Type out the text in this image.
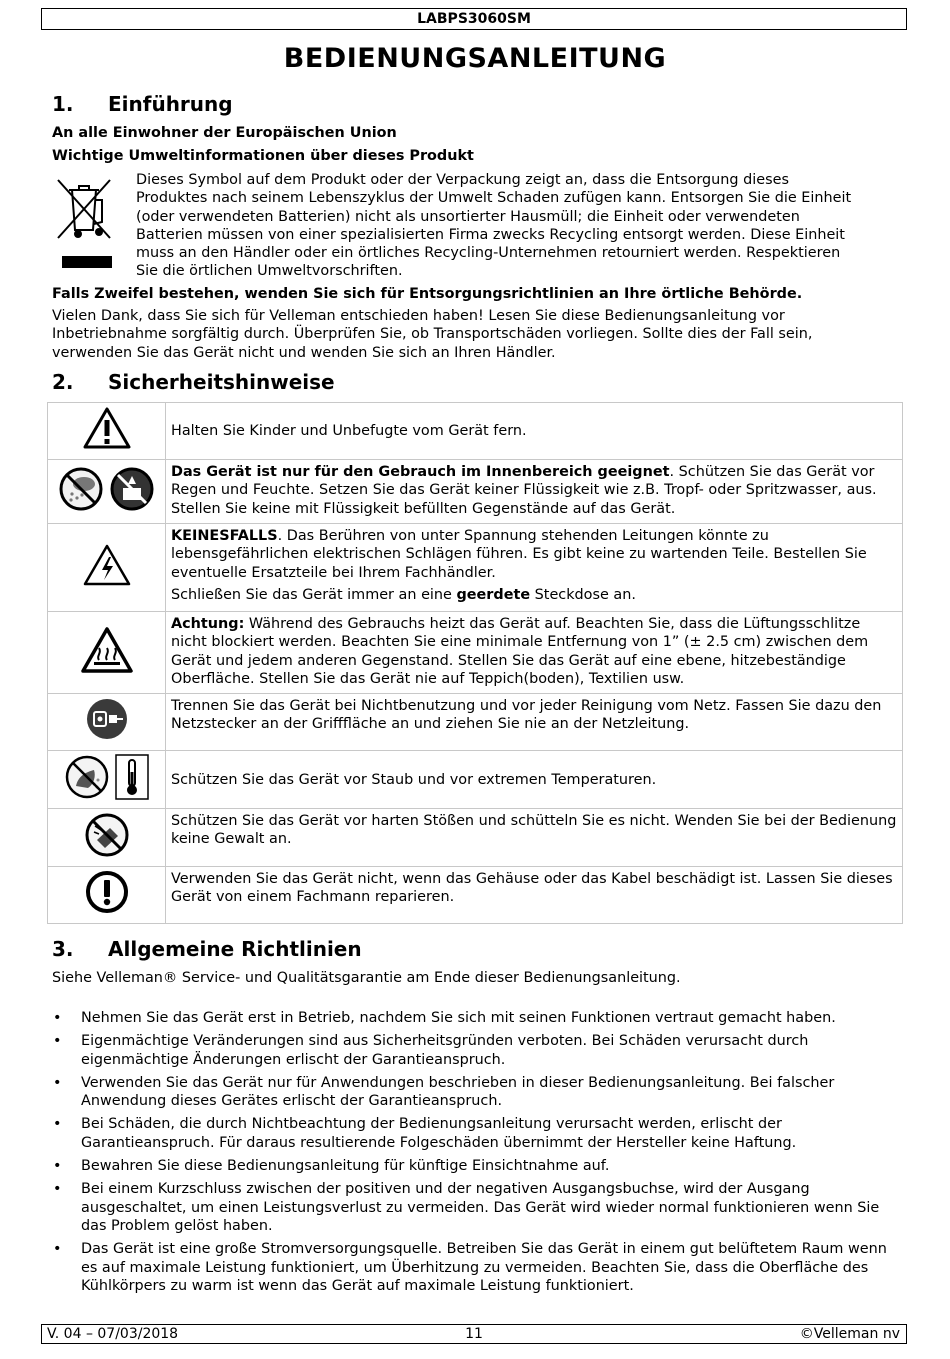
LABPS3060SM
BEDIENUNGSANLEITUNG
1. Einführung
An alle Einwohner der Europäischen Union
Wichtige Umweltinformationen über dieses Produkt
Dieses Symbol auf dem Produkt oder der Verpackung zeigt an, dass die Entsorgung dieses
Produktes nach seinem Lebenszyklus der Umwelt Schaden zufügen kann. Entsorgen Sie die Einheit
(oder verwendeten Batterien) nicht als unsortierter Hausmüll; die Einheit oder verwendeten
Batterien müssen von einer spezialisierten Firma zwecks Recycling entsorgt werden. Diese Einheit
muss an den Händler oder ein örtliches Recycling-Unternehmen retourniert werden. Respektieren
Sie die örtlichen Umweltvorschriften.
Falls Zweifel bestehen, wenden Sie sich für Entsorgungsrichtlinien an Ihre örtliche Behörde.
Vielen Dank, dass Sie sich für Velleman entschieden haben! Lesen Sie diese Bedienungsanleitung vor
Inbetriebnahme sorgfältig durch. Überprüfen Sie, ob Transportschäden vorliegen. Sollte dies der Fall sein,
verwenden Sie das Gerät nicht und wenden Sie sich an Ihren Händler.
2. Sicherheitshinweise

Halten Sie Kinder und Unbefugte vom Gerät fern.

Das Gerät ist nur für den Gebrauch im Innenbereich geeignet. Schützen Sie das Gerät vor Regen und Feuchte. Setzen Sie das Gerät keiner Flüssigkeit wie z.B. Tropf- oder Spritzwasser, aus. Stellen Sie keine mit Flüssigkeit befüllten Gegenstände auf das Gerät.

KEINESFALLS. Das Berühren von unter Spannung stehenden Leitungen könnte zu lebensgefährlichen elektrischen Schlägen führen. Es gibt keine zu wartenden Teile. Bestellen Sie eventuelle Ersatzteile bei Ihrem Fachhändler.

Schließen Sie das Gerät immer an eine geerdete Steckdose an.

Achtung: Während des Gebrauchs heizt das Gerät auf. Beachten Sie, dass die Lüftungsschlitze nicht blockiert werden. Beachten Sie eine minimale Entfernung von 1” (± 2.5 cm) zwischen dem Gerät und jedem anderen Gegenstand. Stellen Sie das Gerät auf eine ebene, hitzebeständige Oberfläche. Stellen Sie das Gerät nie auf Teppich(boden), Textilien usw.

Trennen Sie das Gerät bei Nichtbenutzung und vor jeder Reinigung vom Netz. Fassen Sie dazu den Netzstecker an der Grifffläche an und ziehen Sie nie an der Netzleitung.

Schützen Sie das Gerät vor Staub und vor extremen Temperaturen.

Schützen Sie das Gerät vor harten Stößen und schütteln Sie es nicht. Wenden Sie bei der Bedienung keine Gewalt an.

Verwenden Sie das Gerät nicht, wenn das Gehäuse oder das Kabel beschädigt ist. Lassen Sie dieses Gerät von einem Fachmann reparieren.

3. Allgemeine Richtlinien
Siehe Velleman® Service- und Qualitätsgarantie am Ende dieser Bedienungsanleitung.
• Nehmen Sie das Gerät erst in Betrieb, nachdem Sie sich mit seinen Funktionen vertraut gemacht haben.
• Eigenmächtige Veränderungen sind aus Sicherheitsgründen verboten. Bei Schäden verursacht durch eigenmächtige Änderungen erlischt der Garantieanspruch.
• Verwenden Sie das Gerät nur für Anwendungen beschrieben in dieser Bedienungsanleitung. Bei falscher Anwendung dieses Gerätes erlischt der Garantieanspruch.
• Bei Schäden, die durch Nichtbeachtung der Bedienungsanleitung verursacht werden, erlischt der Garantieanspruch. Für daraus resultierende Folgeschäden übernimmt der Hersteller keine Haftung.
• Bewahren Sie diese Bedienungsanleitung für künftige Einsichtnahme auf.
• Bei einem Kurzschluss zwischen der positiven und der negativen Ausgangsbuchse, wird der Ausgang ausgeschaltet, um einen Leistungsverlust zu vermeiden. Das Gerät wird wieder normal funktionieren wenn Sie das Problem gelöst haben.
• Das Gerät ist eine große Stromversorgungsquelle. Betreiben Sie das Gerät in einem gut belüftetem Raum wenn es auf maximale Leistung funktioniert, um Überhitzung zu vermeiden. Beachten Sie, dass die Oberfläche des Kühlkörpers zu warm ist wenn das Gerät auf maximale Leistung funktioniert.
V. 04 – 07/03/2018	11	©Velleman nv
